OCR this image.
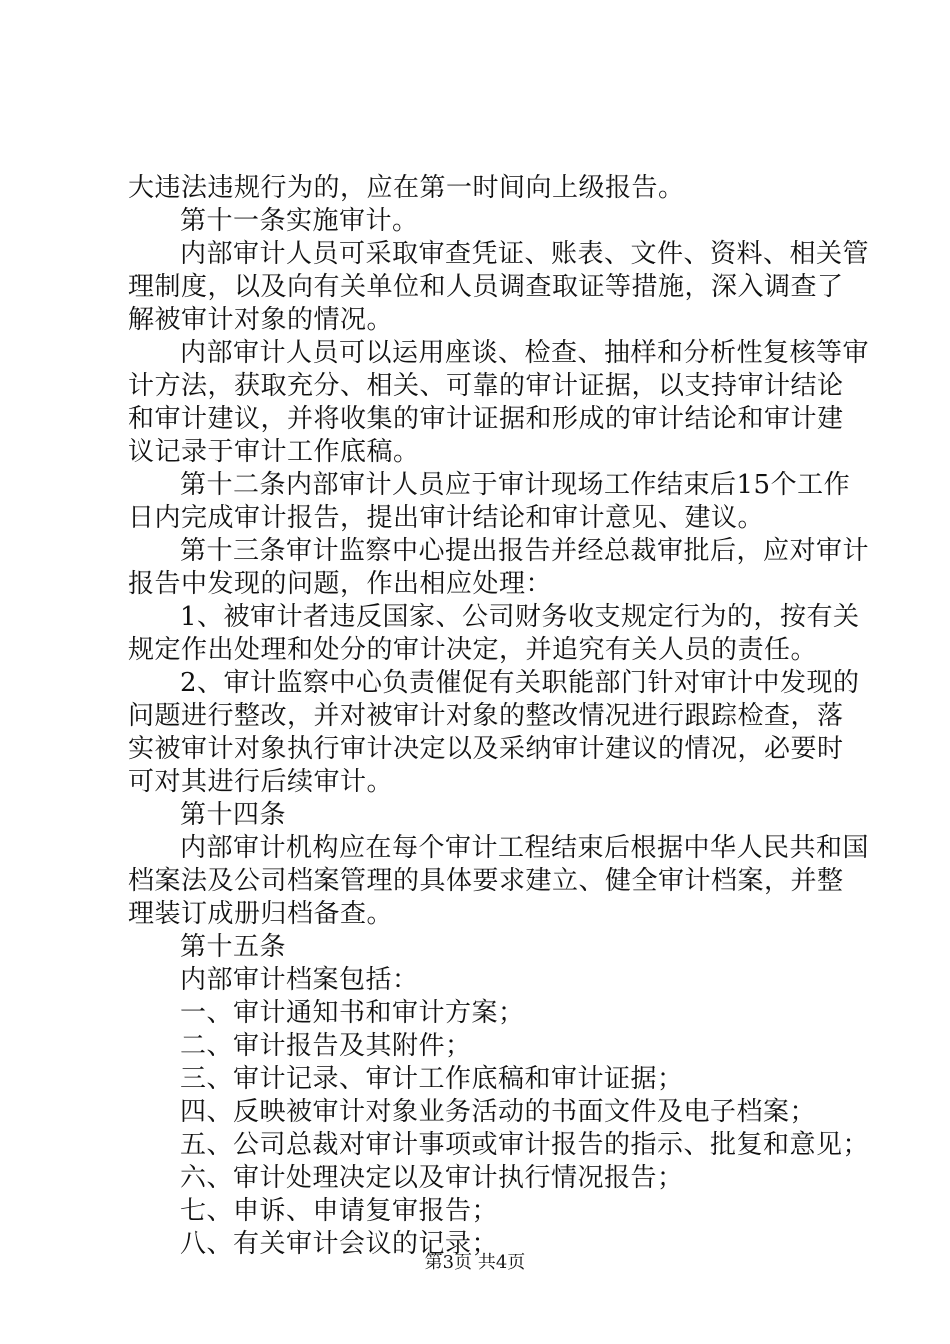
大违法违规行为的，应在第一时间向上级报告。
第十一条实施审计。
内部审计人员可采取审查凭证、账表、文件、资料、相关管
理制度，以及向有关单位和人员调查取证等措施，深入调查了
解被审计对象的情况。
内部审计人员可以运用座谈、检查、抽样和分析性复核等审
计方法，获取充分、相关、可靠的审计证据，以支持审计结论
和审计建议，并将收集的审计证据和形成的审计结论和审计建
议记录于审计工作底稿。
第十二条内部审计人员应于审计现场工作结束后15个工作
日内完成审计报告，提出审计结论和审计意见、建议。
第十三条审计监察中心提出报告并经总裁审批后，应对审计
报告中发现的问题，作出相应处理：
1、被审计者违反国家、公司财务收支规定行为的，按有关
规定作出处理和处分的审计决定，并追究有关人员的责任。
2、审计监察中心负责催促有关职能部门针对审计中发现的
问题进行整改，并对被审计对象的整改情况进行跟踪检查，落
实被审计对象执行审计决定以及采纳审计建议的情况，必要时
可对其进行后续审计。
第十四条
内部审计机构应在每个审计工程结束后根据中华人民共和国
档案法及公司档案管理的具体要求建立、健全审计档案，并整
理装订成册归档备查。
第十五条
内部审计档案包括：
一、审计通知书和审计方案；
二、审计报告及其附件；
三、审计记录、审计工作底稿和审计证据；
四、反映被审计对象业务活动的书面文件及电子档案；
五、公司总裁对审计事项或审计报告的指示、批复和意见；
六、审计处理决定以及审计执行情况报告；
七、申诉、申请复审报告；
八、有关审计会议的记录；
第3页 共4页
